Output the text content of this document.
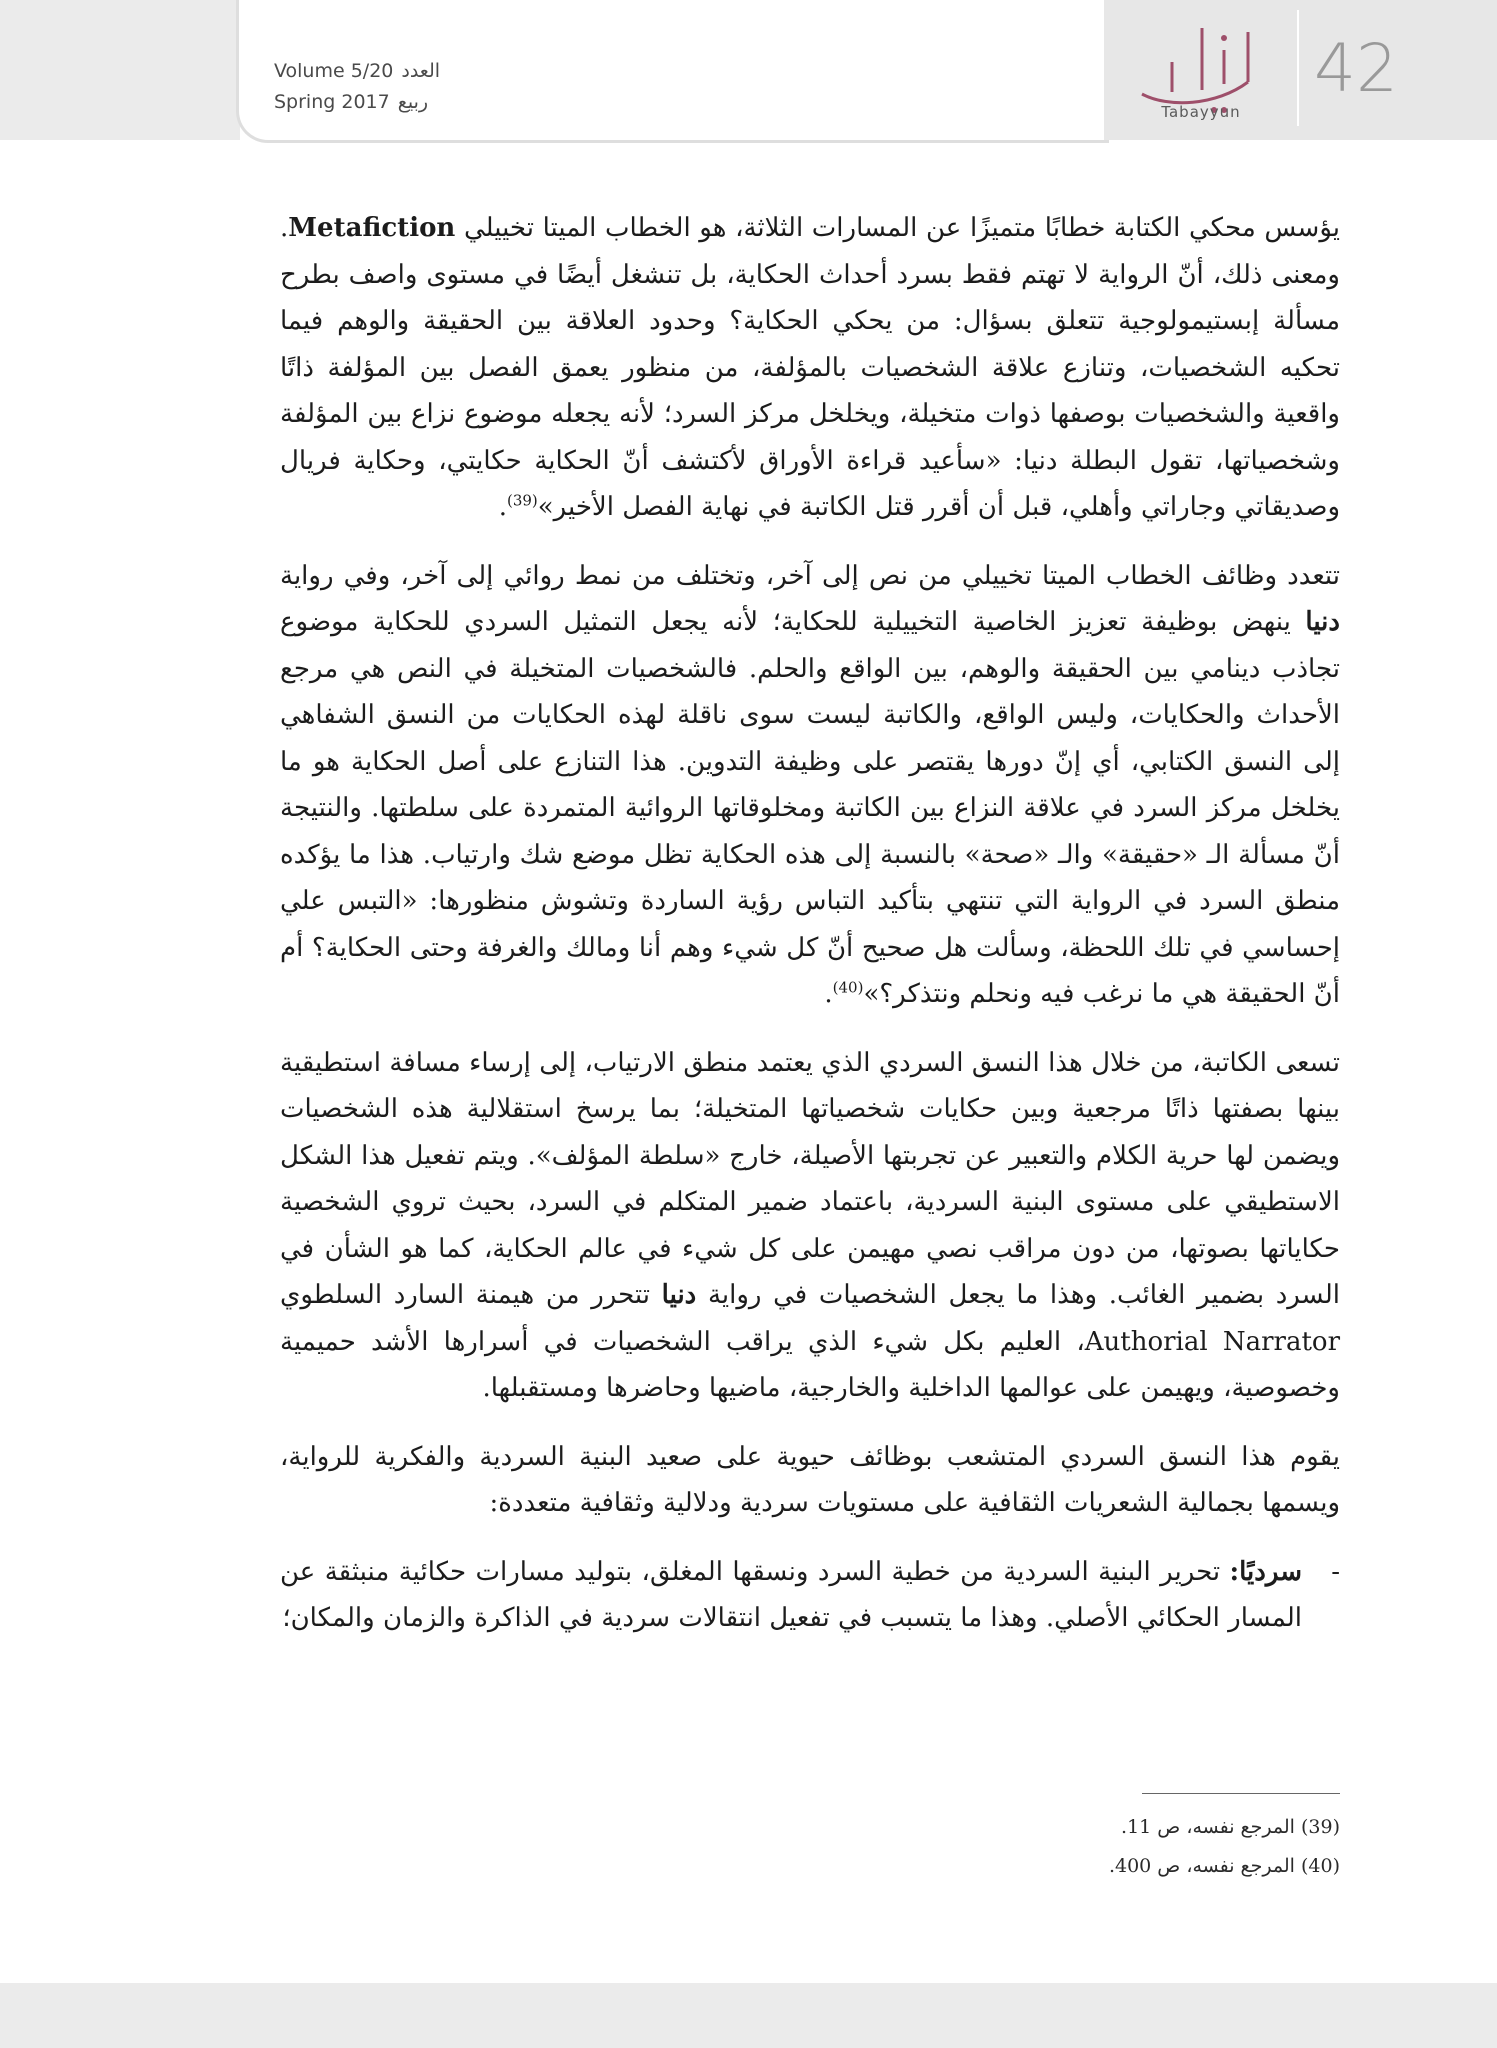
Volume 5/20 العدد
Spring 2017 ربيع
تبيّن
Tabayyun
42

يؤسس محكي الكتابة خطابًا متميزًا عن المسارات الثلاثة، هو الخطاب الميتا تخييلي Metafiction. ومعنى ذلك، أنّ الرواية لا تهتم فقط بسرد أحداث الحكاية، بل تنشغل أيضًا في مستوى واصف بطرح مسألة إبستيمولوجية تتعلق بسؤال: من يحكي الحكاية؟ وحدود العلاقة بين الحقيقة والوهم فيما تحكيه الشخصيات، وتنازع علاقة الشخصيات بالمؤلفة، من منظور يعمق الفصل بين المؤلفة ذاتًا واقعية والشخصيات بوصفها ذوات متخيلة، ويخلخل مركز السرد؛ لأنه يجعله موضوع نزاع بين المؤلفة وشخصياتها، تقول البطلة دنيا: «سأعيد قراءة الأوراق لأكتشف أنّ الحكاية حكايتي، وحكاية فريال وصديقاتي وجاراتي وأهلي، قبل أن أقرر قتل الكاتبة في نهاية الفصل الأخير»$^{(39)}$.

تتعدد وظائف الخطاب الميتا تخييلي من نص إلى آخر، وتختلف من نمط روائي إلى آخر، وفي رواية دنيا ينهض بوظيفة تعزيز الخاصية التخييلية للحكاية؛ لأنه يجعل التمثيل السردي للحكاية موضوع تجاذب دينامي بين الحقيقة والوهم، بين الواقع والحلم. فالشخصيات المتخيلة في النص هي مرجع الأحداث والحكايات، وليس الواقع، والكاتبة ليست سوى ناقلة لهذه الحكايات من النسق الشفاهي إلى النسق الكتابي، أي إنّ دورها يقتصر على وظيفة التدوين. هذا التنازع على أصل الحكاية هو ما يخلخل مركز السرد في علاقة النزاع بين الكاتبة ومخلوقاتها الروائية المتمردة على سلطتها. والنتيجة أنّ مسألة الـ «حقيقة» والـ «صحة» بالنسبة إلى هذه الحكاية تظل موضع شك وارتياب. هذا ما يؤكده منطق السرد في الرواية التي تنتهي بتأكيد التباس رؤية الساردة وتشوش منظورها: «التبس علي إحساسي في تلك اللحظة، وسألت هل صحيح أنّ كل شيء وهم أنا ومالك والغرفة وحتى الحكاية؟ أم أنّ الحقيقة هي ما نرغب فيه ونحلم ونتذكر؟»$^{(40)}$.

تسعى الكاتبة، من خلال هذا النسق السردي الذي يعتمد منطق الارتياب، إلى إرساء مسافة استطيقية بينها بصفتها ذاتًا مرجعية وبين حكايات شخصياتها المتخيلة؛ بما يرسخ استقلالية هذه الشخصيات ويضمن لها حرية الكلام والتعبير عن تجربتها الأصيلة، خارج «سلطة المؤلف». ويتم تفعيل هذا الشكل الاستطيقي على مستوى البنية السردية، باعتماد ضمير المتكلم في السرد، بحيث تروي الشخصية حكاياتها بصوتها، من دون مراقب نصي مهيمن على كل شيء في عالم الحكاية، كما هو الشأن في السرد بضمير الغائب. وهذا ما يجعل الشخصيات في رواية دنيا تتحرر من هيمنة السارد السلطوي Authorial Narrator، العليم بكل شيء الذي يراقب الشخصيات في أسرارها الأشد حميمية وخصوصية، ويهيمن على عوالمها الداخلية والخارجية، ماضيها وحاضرها ومستقبلها.

يقوم هذا النسق السردي المتشعب بوظائف حيوية على صعيد البنية السردية والفكرية للرواية، ويسمها بجمالية الشعريات الثقافية على مستويات سردية ودلالية وثقافية متعددة:

-
سرديًا: تحرير البنية السردية من خطية السرد ونسقها المغلق، بتوليد مسارات حكائية منبثقة عن المسار الحكائي الأصلي. وهذا ما يتسبب في تفعيل انتقالات سردية في الذاكرة والزمان والمكان؛

(39) المرجع نفسه، ص 11.
(40) المرجع نفسه، ص 400.
